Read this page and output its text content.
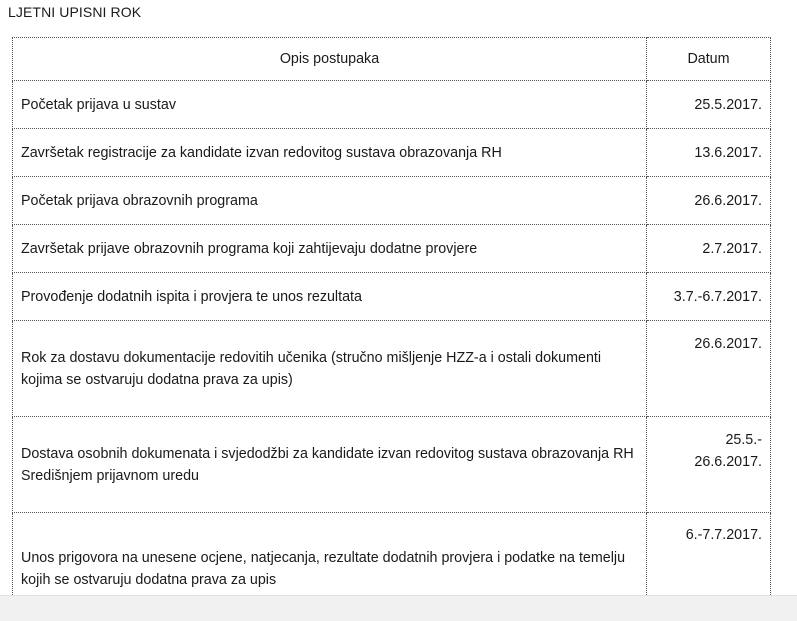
LJETNI UPISNI ROK
Opis postupaka	Datum
Početak prijava u sustav	25.5.2017.
Završetak registracije za kandidate izvan redovitog sustava obrazovanja RH	13.6.2017.
Početak prijava obrazovnih programa	26.6.2017.
Završetak prijave obrazovnih programa koji zahtijevaju dodatne provjere	2.7.2017.
Provođenje dodatnih ispita i provjera te unos rezultata	3.7.-6.7.2017.
Rok za dostavu dokumentacije redovitih učenika (stručno mišljenje HZZ-a i ostali dokumenti kojima se ostvaruju dodatna prava za upis)	26.6.2017.
Dostava osobnih dokumenata i svjedodžbi za kandidate izvan redovitog sustava obrazovanja RH Središnjem prijavnom uredu	25.5.-
26.6.2017.
Unos prigovora na unesene ocjene, natjecanja, rezultate dodatnih provjera i podatke na temelju kojih se ostvaruju dodatna prava za upis	6.-7.7.2017.
